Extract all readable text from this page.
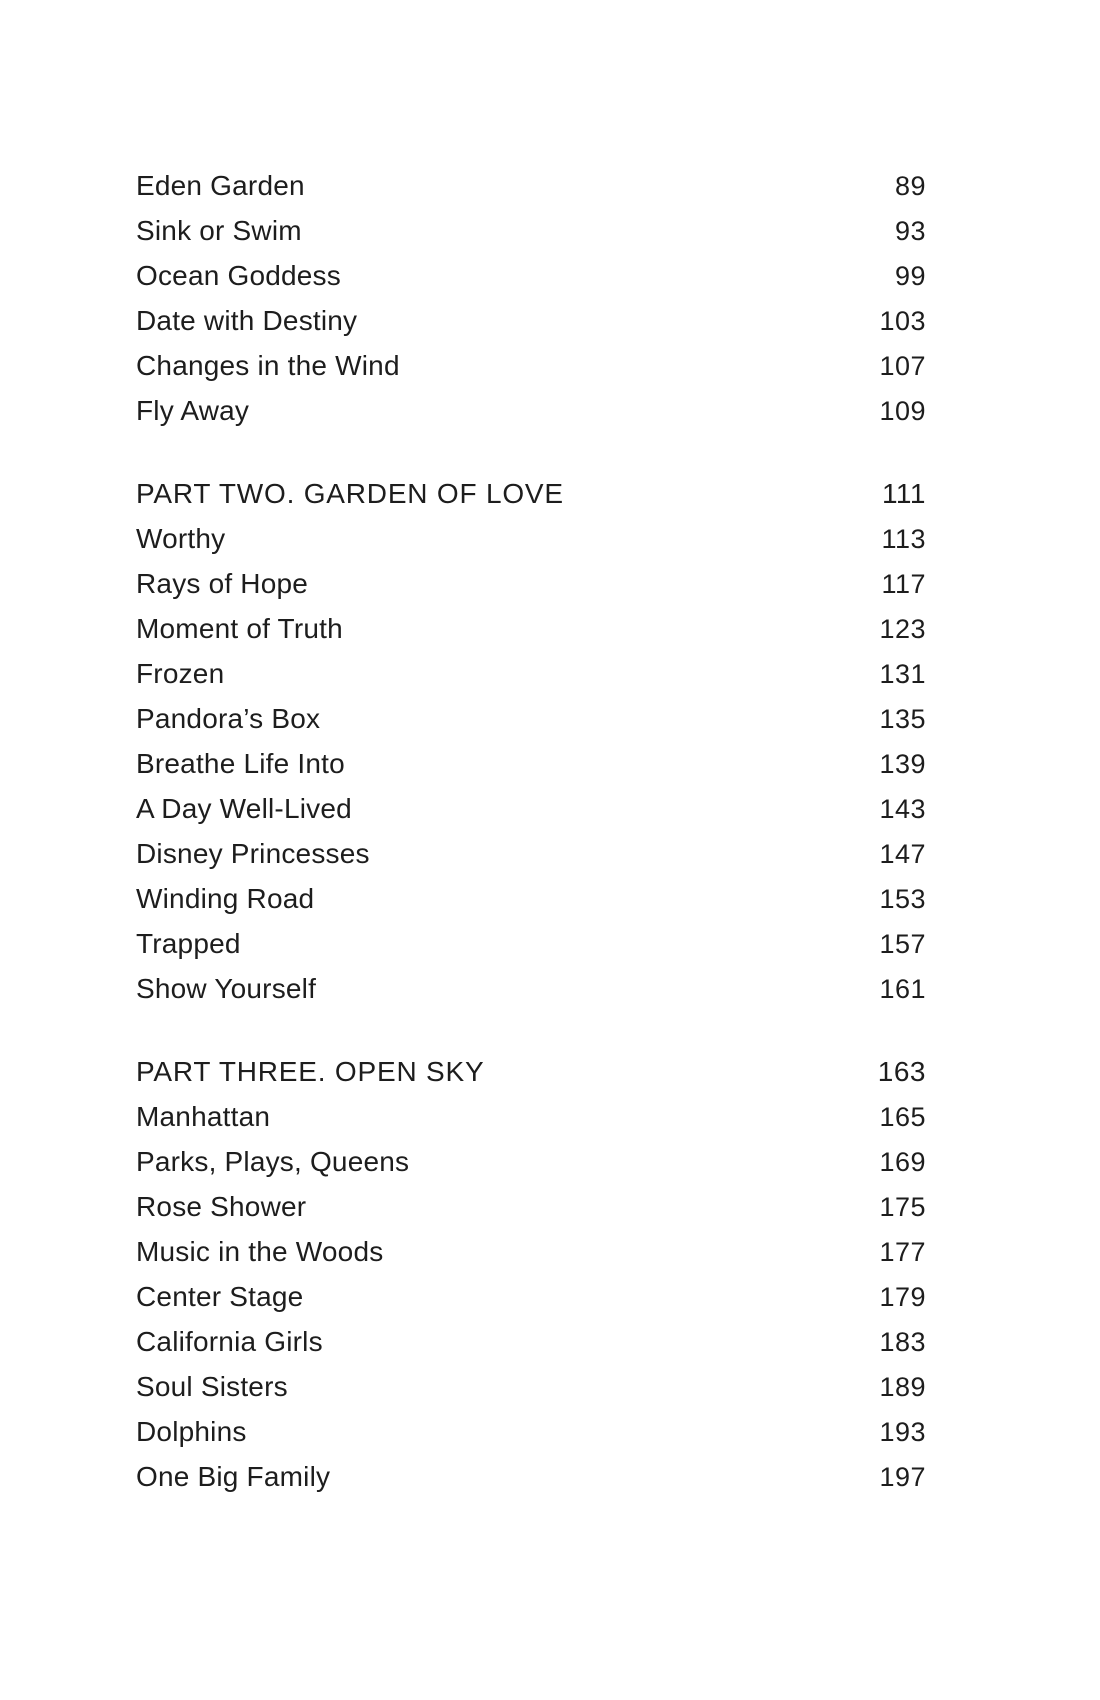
Eden Garden	89
Sink or Swim	93
Ocean Goddess	99
Date with Destiny	103
Changes in the Wind	107
Fly Away	109
PART TWO. GARDEN OF LOVE	111
Worthy	113
Rays of Hope	117
Moment of Truth	123
Frozen	131
Pandora’s Box	135
Breathe Life Into	139
A Day Well-Lived	143
Disney Princesses	147
Winding Road	153
Trapped	157
Show Yourself	161
PART THREE. OPEN SKY	163
Manhattan	165
Parks, Plays, Queens	169
Rose Shower	175
Music in the Woods	177
Center Stage	179
California Girls	183
Soul Sisters	189
Dolphins	193
One Big Family	197
